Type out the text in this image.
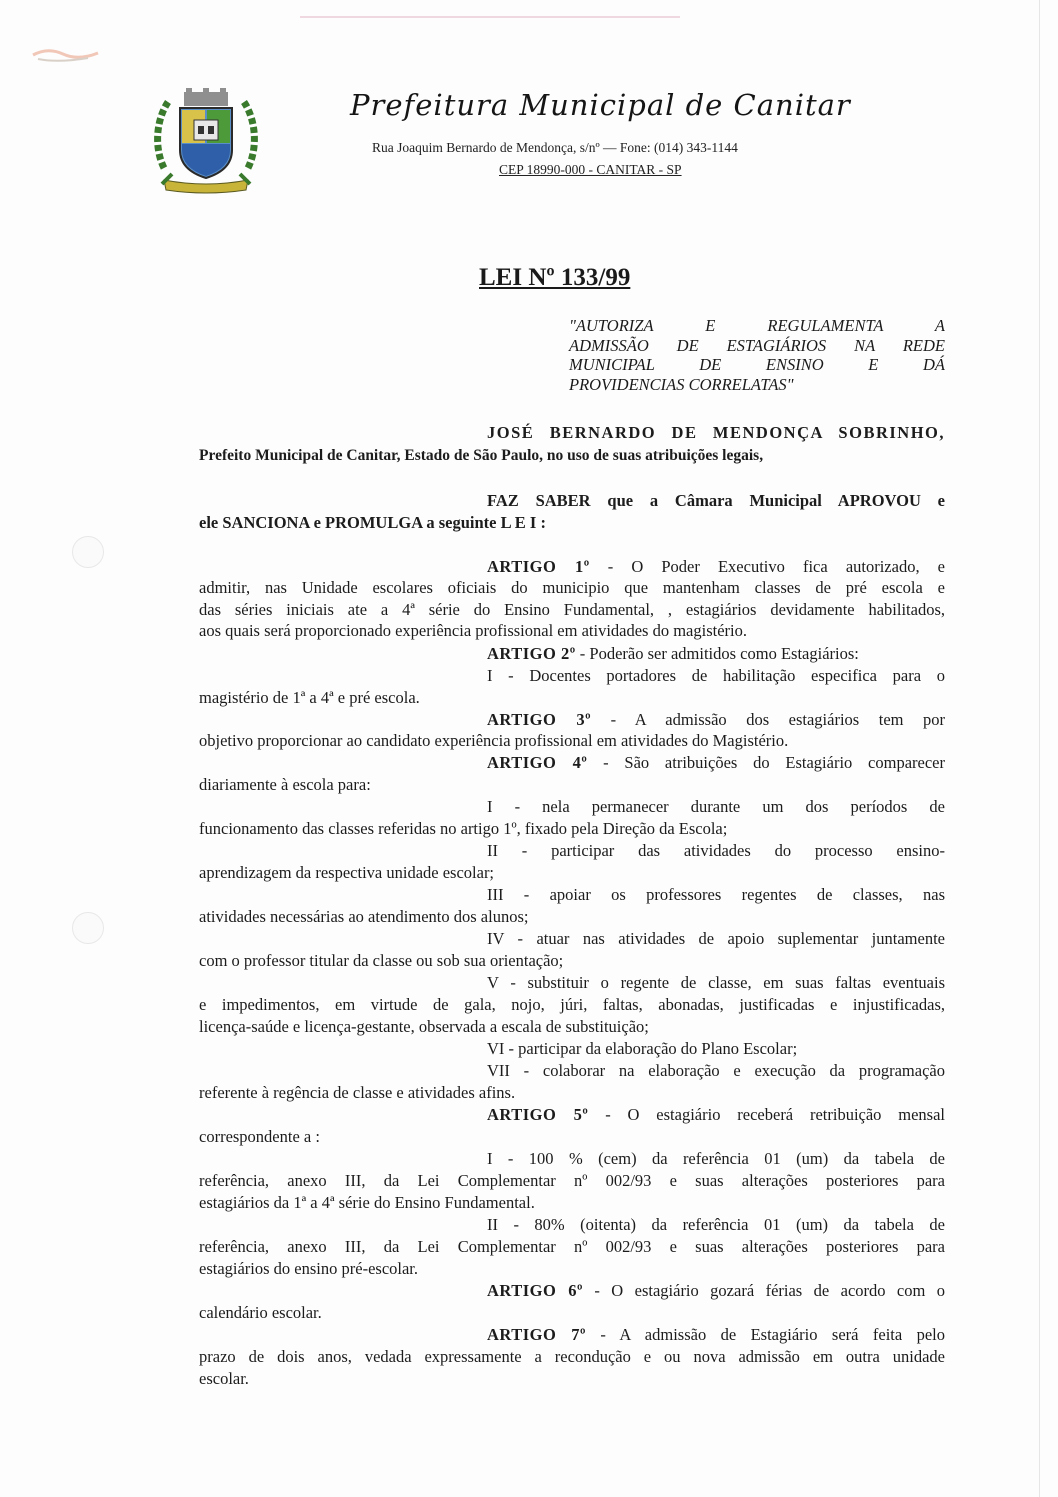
Prefeitura Municipal de Canitar
Rua Joaquim Bernardo de Mendonça, s/nº — Fone: (014) 343-1144
CEP 18990-000 - CANITAR - SP
LEI Nº 133/99
"AUTORIZA E REGULAMENTA A
ADMISSÃO DE ESTAGIÁRIOS NA REDE
MUNICIPAL DE ENSINO E DÁ
PROVIDENCIAS CORRELATAS"
JOSÉ BERNARDO DE MENDONÇA SOBRINHO,
Prefeito Municipal de Canitar, Estado de São Paulo, no uso de suas atribuições legais,
FAZ SABER que a Câmara Municipal APROVOU e
ele SANCIONA e PROMULGA a seguinte L E I :
ARTIGO 1º - O Poder Executivo fica autorizado, e
admitir, nas Unidade escolares oficiais do municipio que mantenham classes de pré escola e
das séries iniciais ate a 4ª série do Ensino Fundamental, , estagiários devidamente habilitados,
aos quais será proporcionado experiência profissional em atividades do magistério.
ARTIGO 2º - Poderão ser admitidos como Estagiários:
I - Docentes portadores de habilitação especifica para o
magistério de 1ª a 4ª e pré escola.
ARTIGO 3º - A admissão dos estagiários tem por
objetivo proporcionar ao candidato experiência profissional em atividades do Magistério.
ARTIGO 4º - São atribuições do Estagiário comparecer
diariamente à escola para:
I - nela permanecer durante um dos períodos de
funcionamento das classes referidas no artigo 1º, fixado pela Direção da Escola;
II - participar das atividades do processo ensino-
aprendizagem da respectiva unidade escolar;
III - apoiar os professores regentes de classes, nas
atividades necessárias ao atendimento dos alunos;
IV - atuar nas atividades de apoio suplementar juntamente
com o professor titular da classe ou sob sua orientação;
V - substituir o regente de classe, em suas faltas eventuais
e impedimentos, em virtude de gala, nojo, júri, faltas, abonadas, justificadas e injustificadas,
licença-saúde e licença-gestante, observada a escala de substituição;
VI - participar da elaboração do Plano Escolar;
VII - colaborar na elaboração e execução da programação
referente à regência de classe e atividades afins.
ARTIGO 5º - O estagiário receberá retribuição mensal
correspondente a :
I - 100 % (cem) da referência 01 (um) da tabela de
referência, anexo III, da Lei Complementar nº 002/93 e suas alterações posteriores para
estagiários da 1ª a 4ª série do Ensino Fundamental.
II - 80% (oitenta) da referência 01 (um) da tabela de
referência, anexo III, da Lei Complementar nº 002/93 e suas alterações posteriores para
estagiários do ensino pré-escolar.
ARTIGO 6º - O estagiário gozará férias de acordo com o
calendário escolar.
ARTIGO 7º - A admissão de Estagiário será feita pelo
prazo de dois anos, vedada expressamente a recondução e ou nova admissão em outra unidade
escolar.
